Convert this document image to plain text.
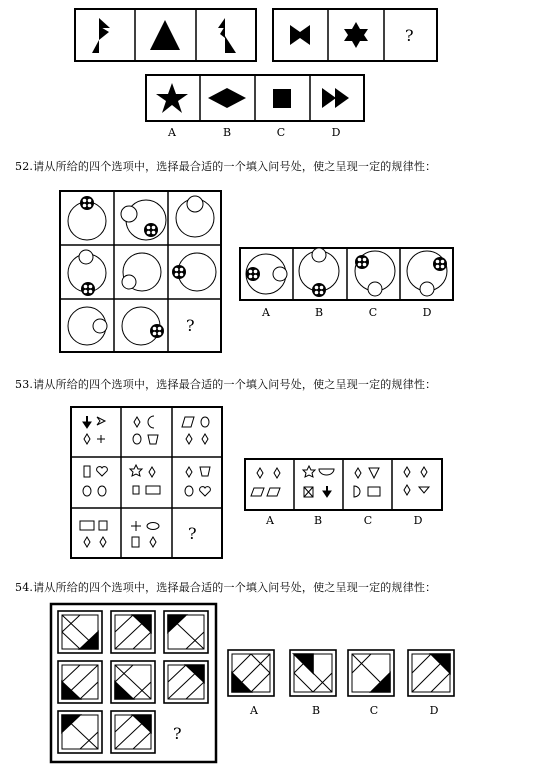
?
A	B	C	D
52.请从所给的四个选项中，选择最合适的一个填入问号处，使之呈现一定的规律性：
?
A	B	C	D
53.请从所给的四个选项中，选择最合适的一个填入问号处，使之呈现一定的规律性：
?
A	B	C	D
54.请从所给的四个选项中，选择最合适的一个填入问号处，使之呈现一定的规律性：
?
A	B	C	D
